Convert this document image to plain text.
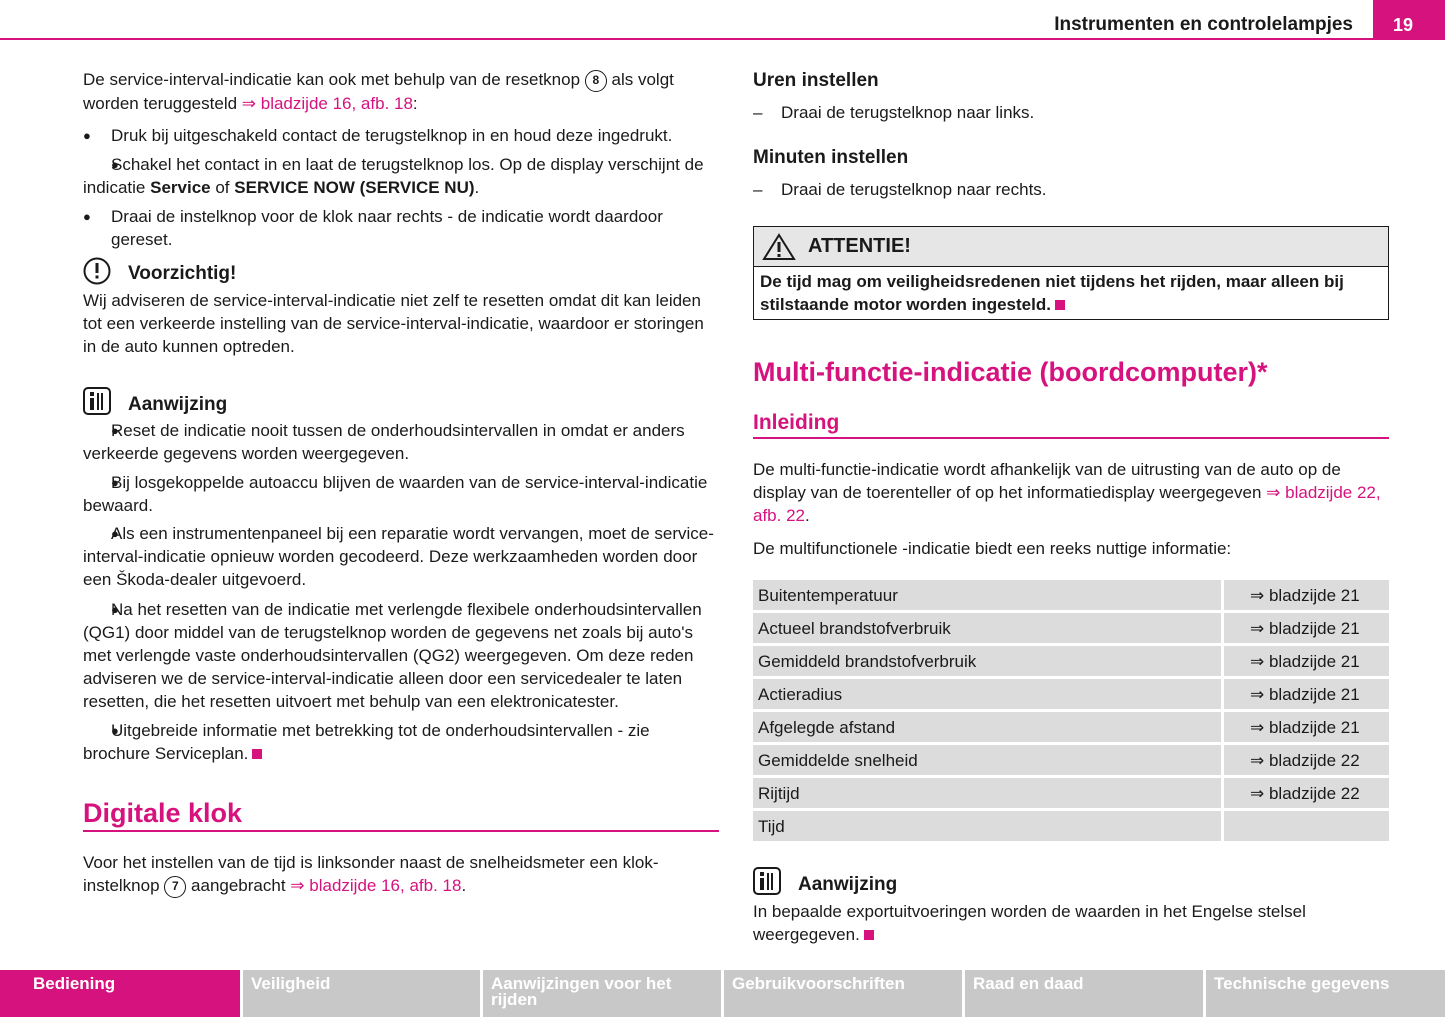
Instrumenten en controlelampjes	19

De service-interval-indicatie kan ook met behulp van de resetknop 8 als volgt worden teruggesteld ⇒ bladzijde 16, afb. 18:

● Druk bij uitgeschakeld contact de terugstelknop in en houd deze ingedrukt.

● Schakel het contact in en laat de terugstelknop los. Op de display verschijnt de indicatie Service of SERVICE NOW (SERVICE NU).

● Draai de instelknop voor de klok naar rechts - de indicatie wordt daardoor gereset.

Voorzichtig!

Wij adviseren de service-interval-indicatie niet zelf te resetten omdat dit kan leiden tot een verkeerde instelling van de service-interval-indicatie, waardoor er storingen in de auto kunnen optreden.

Aanwijzing

● Reset de indicatie nooit tussen de onderhoudsintervallen in omdat er anders verkeerde gegevens worden weergegeven.

● Bij losgekoppelde autoaccu blijven de waarden van de service-interval-indicatie bewaard.

● Als een instrumentenpaneel bij een reparatie wordt vervangen, moet de service-interval-indicatie opnieuw worden gecodeerd. Deze werkzaamheden worden door een Škoda-dealer uitgevoerd.

● Na het resetten van de indicatie met verlengde flexibele onderhoudsintervallen (QG1) door middel van de terugstelknop worden de gegevens net zoals bij auto's met verlengde vaste onderhoudsintervallen (QG2) weergegeven. Om deze reden adviseren we de service-interval-indicatie alleen door een servicedealer te laten resetten, die het resetten uitvoert met behulp van een elektronicatester.

● Uitgebreide informatie met betrekking tot de onderhoudsintervallen - zie brochure Serviceplan.

Digitale klok

Voor het instellen van de tijd is linksonder naast de snelheidsmeter een klok-instelknop 7 aangebracht ⇒ bladzijde 16, afb. 18.

Uren instellen

– Draai de terugstelknop naar links.

Minuten instellen

– Draai de terugstelknop naar rechts.

ATTENTIE!
De tijd mag om veiligheidsredenen niet tijdens het rijden, maar alleen bij stilstaande motor worden ingesteld.
Multi-functie-indicatie (boordcomputer)*
Inleiding

De multi-functie-indicatie wordt afhankelijk van de uitrusting van de auto op de display van de toerenteller of op het informatiedisplay weergegeven ⇒ bladzijde 22, afb. 22.

De multifunctionele -indicatie biedt een reeks nuttige informatie:

Buitentemperatuur	⇒ bladzijde 21
Actueel brandstofverbruik	⇒ bladzijde 21
Gemiddeld brandstofverbruik	⇒ bladzijde 21
Actieradius	⇒ bladzijde 21
Afgelegde afstand	⇒ bladzijde 21
Gemiddelde snelheid	⇒ bladzijde 22
Rijtijd	⇒ bladzijde 22
Tijd	
Aanwijzing

In bepaalde exportuitvoeringen worden de waarden in het Engelse stelsel weergegeven.

Bediening	Veiligheid	Aanwijzingen voor het rijden
Gebruikvoorschriften	Raad en daad	Technische gegevens
